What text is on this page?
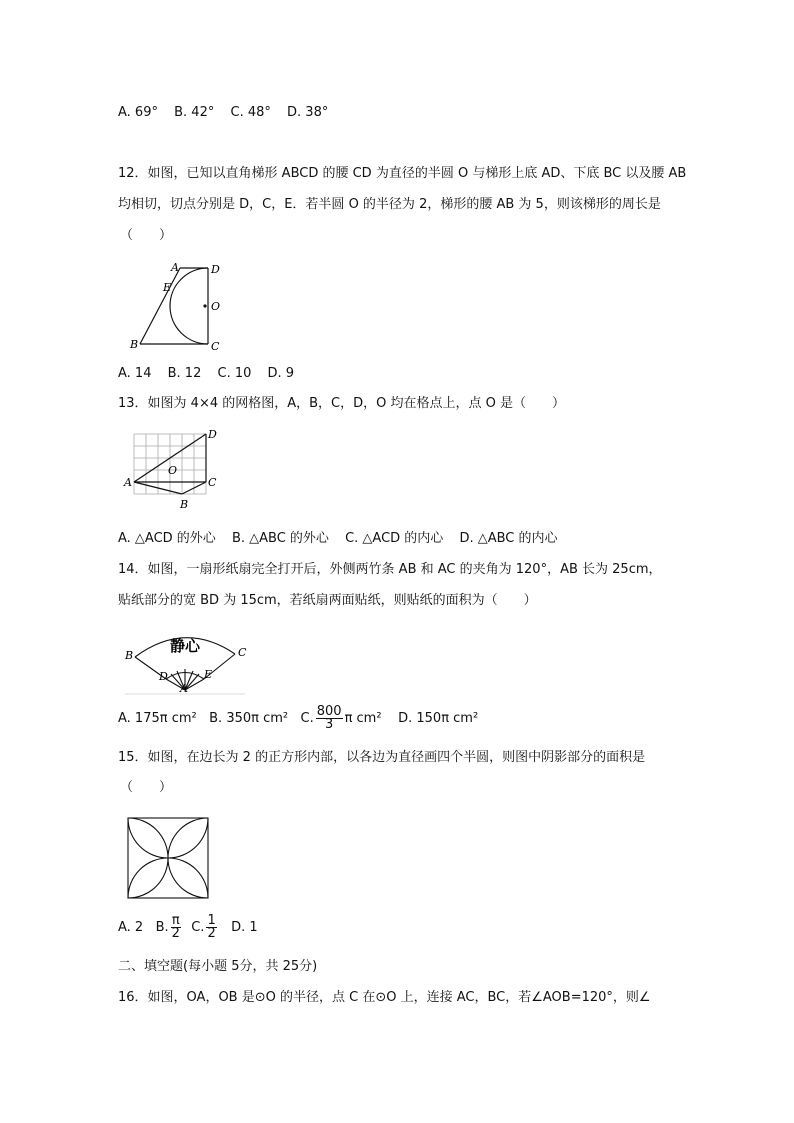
A. 69° B. 42° C. 48° D. 38°
12．如图，已知以直角梯形 ABCD 的腰 CD 为直径的半圆 O 与梯形上底 AD、下底 BC 以及腰 AB
均相切，切点分别是 D，C，E．若半圆 O 的半径为 2，梯形的腰 AB 为 5，则该梯形的周长是
（　　）
A	D
E
O
B	C
A. 14 B. 12 C. 10 D. 9
13．如图为 4×4 的网格图，A，B，C，D，O 均在格点上，点 O 是（　　）
D
O
A	C
B
A. △ACD 的外心 B. △ABC 的外心 C. △ACD 的内心 D. △ABC 的内心
14．如图，一扇形纸扇完全打开后，外侧两竹条 AB 和 AC 的夹角为 120°，AB 长为 25cm，
贴纸部分的宽 BD 为 15cm，若纸扇两面贴纸，则贴纸的面积为（　　）
静心
B	C
D	E
A
A. 175π cm² B. 350π cm² C. $\frac{800}{3}$ π cm² D. 150π cm²
15．如图，在边长为 2 的正方形内部，以各边为直径画四个半圆，则图中阴影部分的面积是
（　　）
A. 2 B. $\frac{\pi}{2} C$. $\frac{1}{2} D$. 1
二、填空题(每小题 5分，共 25分)
16．如图，OA，OB 是⊙O 的半径，点 C 在⊙O 上，连接 AC，BC，若∠AOB=120°，则∠
